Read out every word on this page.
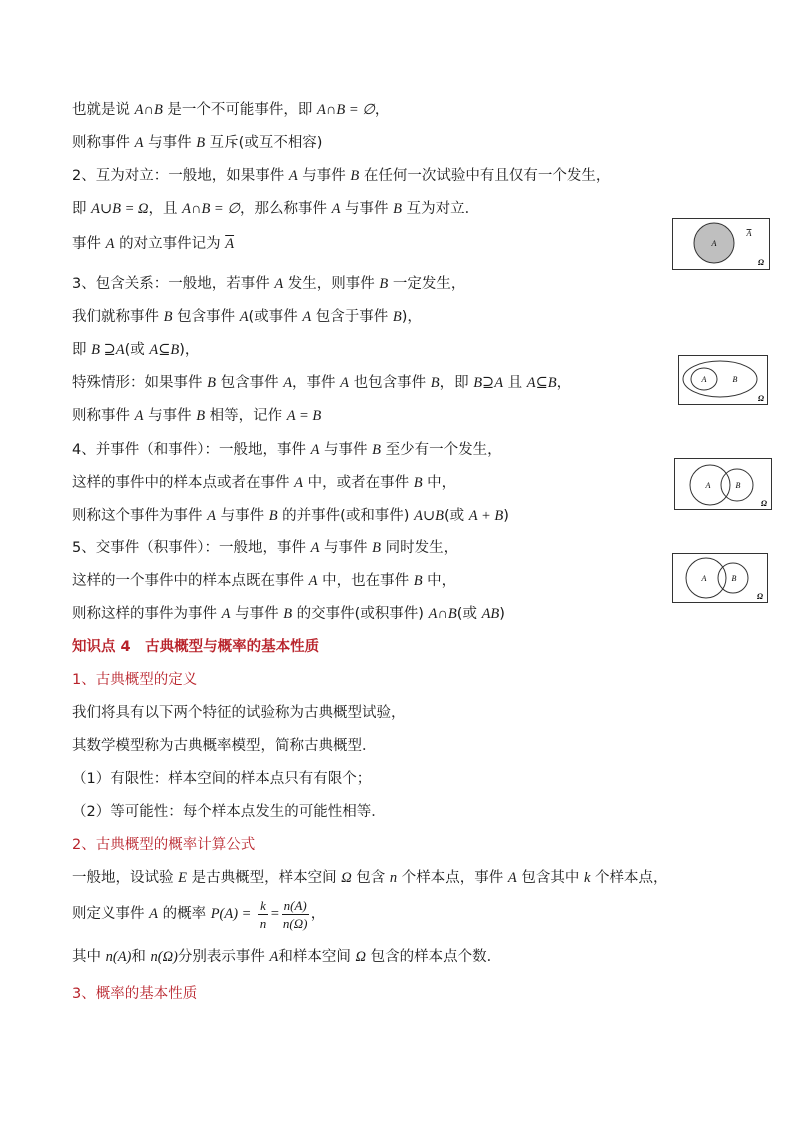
也就是说 A∩B 是一个不可能事件，即 A∩B = ∅，
则称事件 A 与事件 B 互斥(或互不相容)
2、互为对立：一般地，如果事件 A 与事件 B 在任何一次试验中有且仅有一个发生，
即 A∪B = Ω，且 A∩B = ∅，那么称事件 A 与事件 B 互为对立．
事件 A 的对立事件记为 $\overline{A}$
3、包含关系：一般地，若事件 A 发生，则事件 B 一定发生，
我们就称事件 B 包含事件 A(或事件 A 包含于事件 B)，
即 B ⊇A(或 A⊆B)，
特殊情形：如果事件 B 包含事件 A，事件 A 也包含事件 B，即 B⊇A 且 A⊆B，
则称事件 A 与事件 B 相等，记作 A = B
4、并事件（和事件）：一般地，事件 A 与事件 B 至少有一个发生，
这样的事件中的样本点或者在事件 A 中，或者在事件 B 中，
则称这个事件为事件 A 与事件 B 的并事件(或和事件) A∪B(或 A + B)
5、交事件（积事件）：一般地，事件 A 与事件 B 同时发生，
这样的一个事件中的样本点既在事件 A 中，也在事件 B 中，
则称这样的事件为事件 A 与事件 B 的交事件(或积事件) A∩B(或 AB)
知识点 4　古典概型与概率的基本性质
1、古典概型的定义
我们将具有以下两个特征的试验称为古典概型试验，
其数学模型称为古典概率模型，简称古典概型．
（1）有限性：样本空间的样本点只有有限个；
（2）等可能性：每个样本点发生的可能性相等．
2、古典概型的概率计算公式
一般地，设试验 E 是古典概型，样本空间 Ω 包含 n 个样本点，事件 A 包含其中 k 个样本点，
则定义事件 A 的概率 $P(A) = \frac{k}{n} = \frac{n(A)}{n(\Omega)}$ ，
其中 n(A)和 n(Ω)分别表示事件 A和样本空间 Ω 包含的样本点个数．
3、概率的基本性质
A
A
Ω
A	B
Ω
A	B
Ω
A	B
Ω
